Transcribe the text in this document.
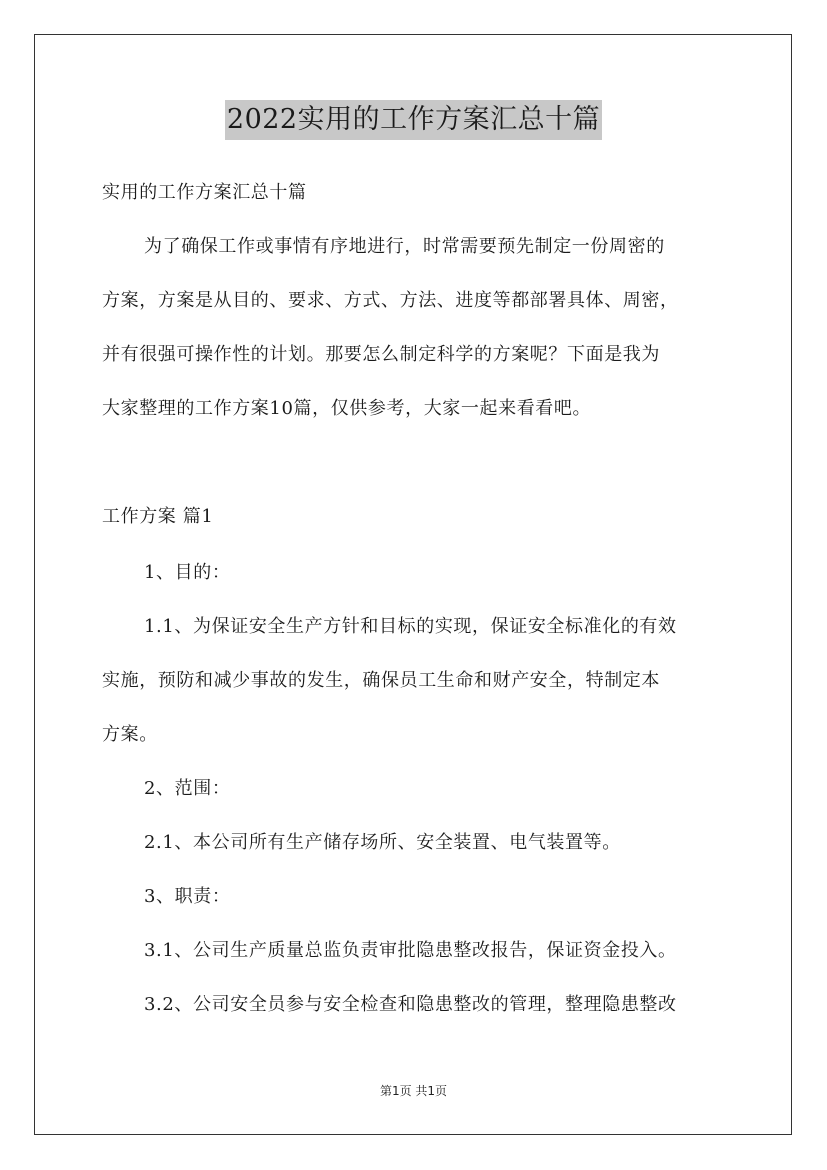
2022实用的工作方案汇总十篇

实用的工作方案汇总十篇

为了确保工作或事情有序地进行，时常需要预先制定一份周密的

方案，方案是从目的、要求、方式、方法、进度等都部署具体、周密，

并有很强可操作性的计划。那要怎么制定科学的方案呢？下面是我为

大家整理的工作方案10篇，仅供参考，大家一起来看看吧。

工作方案 篇1

1、目的：

1.1、为保证安全生产方针和目标的实现，保证安全标准化的有效

实施，预防和减少事故的发生，确保员工生命和财产安全，特制定本

方案。

2、范围：

2.1、本公司所有生产储存场所、安全装置、电气装置等。

3、职责：

3.1、公司生产质量总监负责审批隐患整改报告，保证资金投入。

3.2、公司安全员参与安全检查和隐患整改的管理，整理隐患整改

第1页 共1页
